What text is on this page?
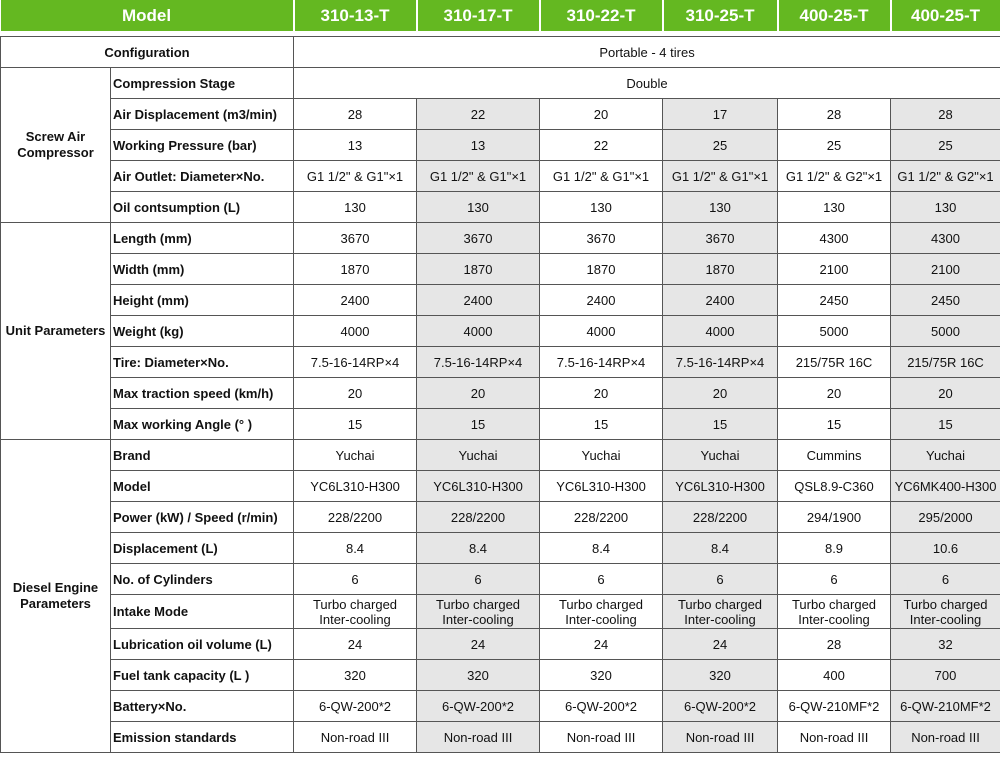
Model		310-13-T	310-17-T	310-22-T	310-25-T	400-25-T	400-25-T

Configuration		Portable - 4 tires					
Screw Air Compressor	Compression Stage	Double					
	Air Displacement (m3/min)	28	22	20	17	28	28
	Working Pressure (bar)	13	13	22	25	25	25
	Air Outlet: Diameter×No.	G1 1/2" & G1"×1	G1 1/2" & G1"×1	G1 1/2" & G1"×1	G1 1/2" & G1"×1	G1 1/2" & G2"×1	G1 1/2" & G2"×1
	Oil contsumption (L)	130	130	130	130	130	130
Unit Parameters	Length (mm)	3670	3670	3670	3670	4300	4300
	Width (mm)	1870	1870	1870	1870	2100	2100
	Height (mm)	2400	2400	2400	2400	2450	2450
	Weight (kg)	4000	4000	4000	4000	5000	5000
	Tire: Diameter×No.	7.5-16-14RP×4	7.5-16-14RP×4	7.5-16-14RP×4	7.5-16-14RP×4	215/75R 16C	215/75R 16C
	Max traction speed (km/h)	20	20	20	20	20	20
	Max working Angle (° )	15	15	15	15	15	15
Diesel Engine Parameters	Brand	Yuchai	Yuchai	Yuchai	Yuchai	Cummins	Yuchai
	Model	YC6L310-H300	YC6L310-H300	YC6L310-H300	YC6L310-H300	QSL8.9-C360	YC6MK400-H300
	Power (kW) / Speed (r/min)	228/2200	228/2200	228/2200	228/2200	294/1900	295/2000
	Displacement (L)	8.4	8.4	8.4	8.4	8.9	10.6
	No. of Cylinders	6	6	6	6	6	6
	Intake Mode	Turbo charged Inter-cooling	Turbo charged Inter-cooling	Turbo charged Inter-cooling	Turbo charged Inter-cooling	Turbo charged Inter-cooling	Turbo charged Inter-cooling
	Lubrication oil volume (L)	24	24	24	24	28	32
	Fuel tank capacity (L )	320	320	320	320	400	700
	Battery×No.	6-QW-200*2	6-QW-200*2	6-QW-200*2	6-QW-200*2	6-QW-210MF*2	6-QW-210MF*2
	Emission standards	Non-road III	Non-road III	Non-road III	Non-road III	Non-road III	Non-road III
